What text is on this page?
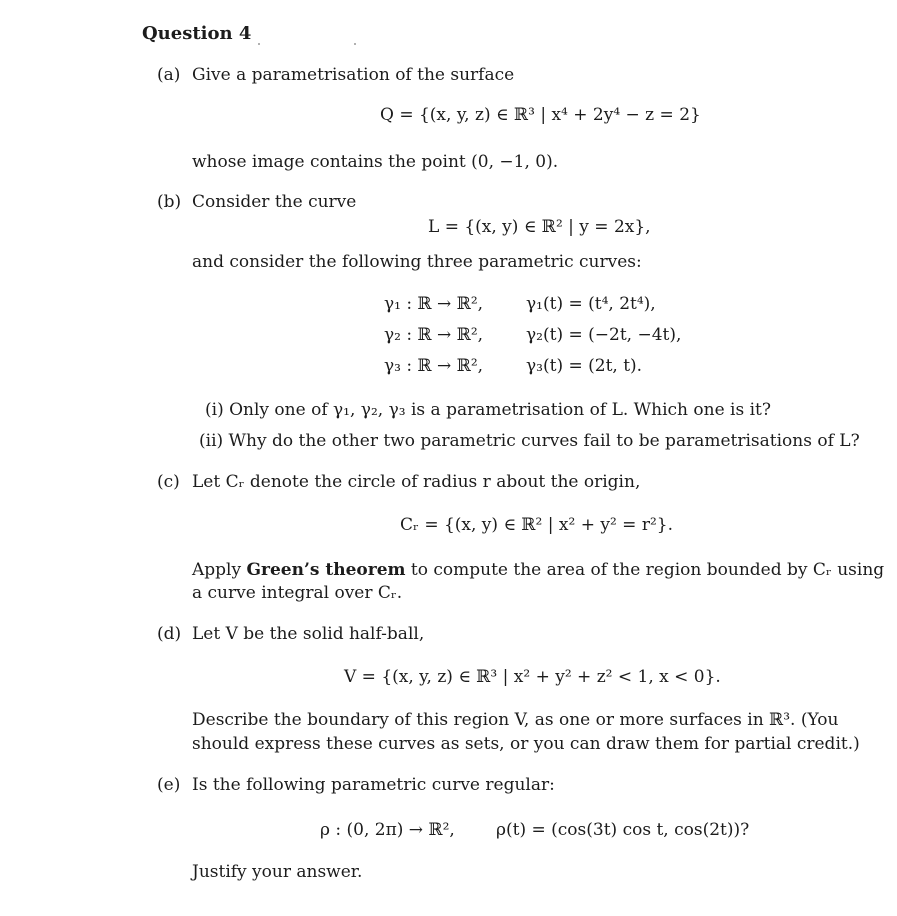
Question 4
(a) Give a parametrisation of the surface
Q = {(x, y, z) ∈ ℝ³ | x⁴ + 2y⁴ − z = 2}
whose image contains the point (0, −1, 0).
(b) Consider the curve
L = {(x, y) ∈ ℝ² | y = 2x},
and consider the following three parametric curves:
γ₁ : ℝ → ℝ²,	γ₁(t) = (t⁴, 2t⁴),
γ₂ : ℝ → ℝ²,	γ₂(t) = (−2t, −4t),
γ₃ : ℝ → ℝ²,	γ₃(t) = (2t, t).
(i) Only one of γ₁, γ₂, γ₃ is a parametrisation of L. Which one is it?
(ii) Why do the other two parametric curves fail to be parametrisations of L?
(c) Let Cᵣ denote the circle of radius r about the origin,
Cᵣ = {(x, y) ∈ ℝ² | x² + y² = r²}.
Apply Green’s theorem to compute the area of the region bounded by Cᵣ using
a curve integral over Cᵣ.
(d) Let V be the solid half-ball,
V = {(x, y, z) ∈ ℝ³ | x² + y² + z² < 1, x < 0}.
Describe the boundary of this region V, as one or more surfaces in ℝ³. (You
should express these curves as sets, or you can draw them for partial credit.)
(e) Is the following parametric curve regular:
ρ : (0, 2π) → ℝ², ρ(t) = (cos(3t) cos t, cos(2t))?
Justify your answer.
